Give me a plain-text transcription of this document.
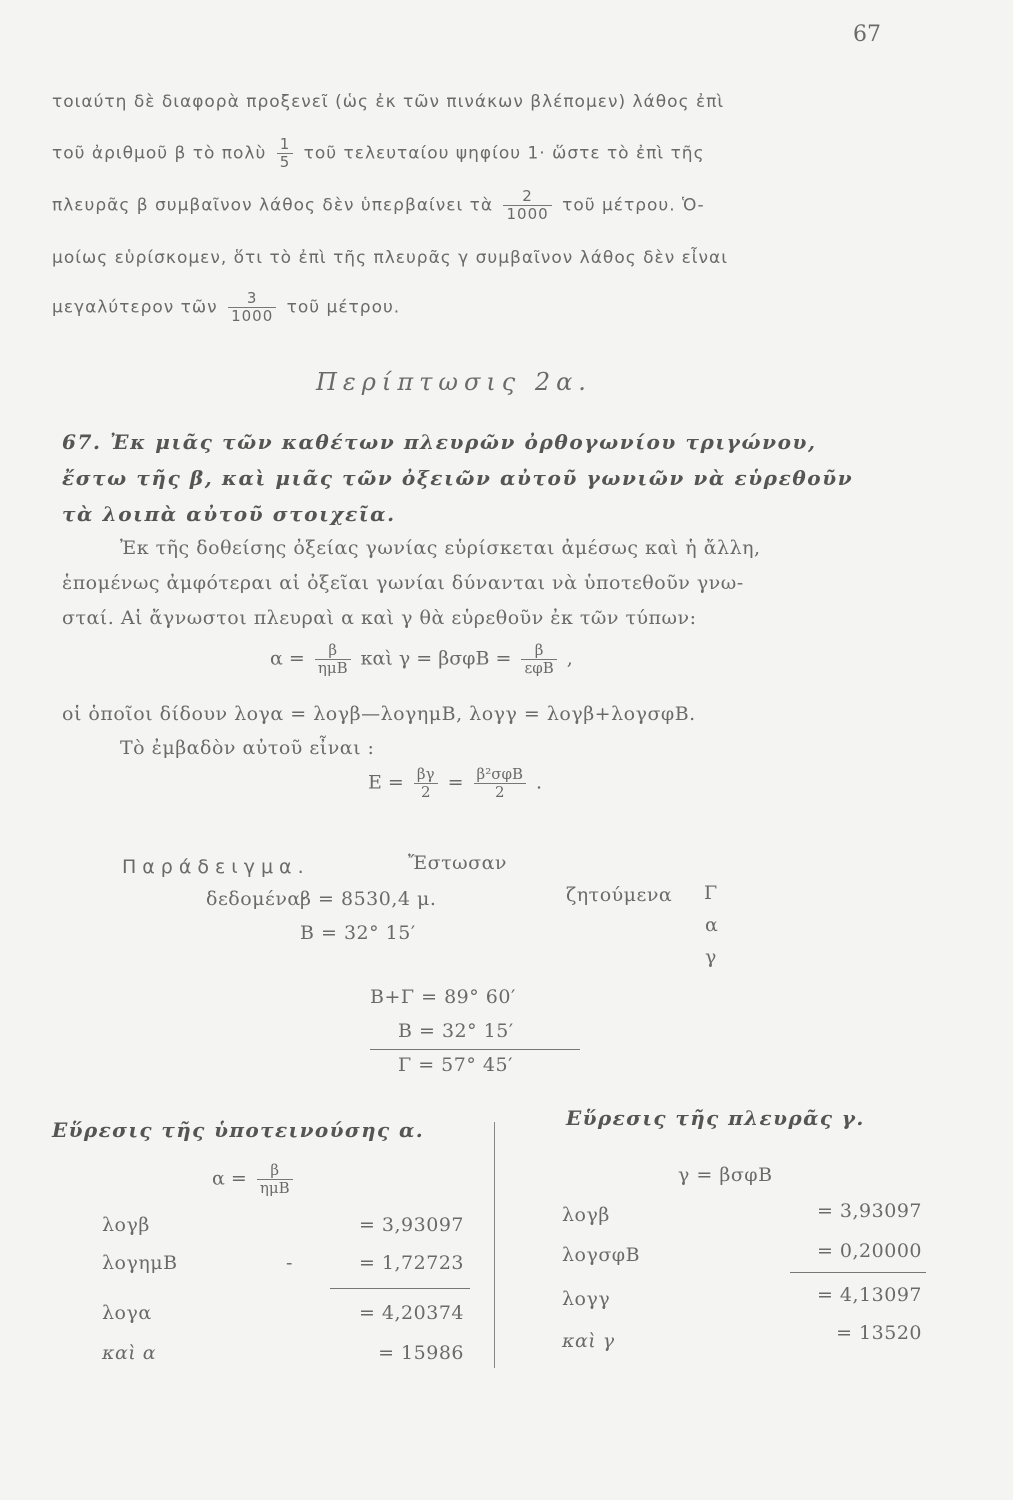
67
τοιαύτη δὲ διαφορὰ προξενεῖ (ὡς ἐκ τῶν πινάκων βλέπομεν) λάθος ἐπὶ
τοῦ ἀριθμοῦ β τὸ πολὺ $\frac{1}{5}$ τοῦ τελευταίου ψηφίου 1· ὥστε τὸ ἐπὶ τῆς
πλευρᾶς β συμβαῖνον λάθος δὲν ὑπερβαίνει τὰ $\frac{2}{1000}$ τοῦ μέτρου. Ὁ-
μοίως εὑρίσκομεν, ὅτι τὸ ἐπὶ τῆς πλευρᾶς γ συμβαῖνον λάθος δὲν εἶναι
μεγαλύτερον τῶν $\frac{3}{1000}$ τοῦ μέτρου.
Περίπτωσις 2α.
67. Ἐκ μιᾶς τῶν καθέτων πλευρῶν ὀρθογωνίου τριγώνου,
ἔστω τῆς β, καὶ μιᾶς τῶν ὀξειῶν αὐτοῦ γωνιῶν νὰ εὑρεθοῦν
τὰ λοιπὰ αὐτοῦ στοιχεῖα.
Ἐκ τῆς δοθείσης ὀξείας γωνίας εὑρίσκεται ἀμέσως καὶ ἡ ἄλλη,
ἑπομένως ἀμφότεραι αἱ ὀξεῖαι γωνίαι δύνανται νὰ ὑποτεθοῦν γνω-
σταί. Αἱ ἄγνωστοι πλευραὶ α καὶ γ θὰ εὑρεθοῦν ἐκ τῶν τύπων:
$\alpha = \frac{\beta}{\text{ημB}}$ καὶ $\gamma = \beta\sigma\varphi B = \frac{\beta}{\text{εφB}}$ ,
οἱ ὁποῖοι δίδουν λογα = λογβ—λογημB, λογγ = λογβ+λογσφB.
Τὸ ἐμβαδὸν αὐτοῦ εἶναι :
$E = \frac{\beta\gamma}{2} = \frac{\text{β²σφB}}{2}$ .
Παράδειγμα.	Ἔστωσαν
δεδομένα·
β = 8530,4 μ.
B = 32° 15′
ζητούμενα Γ
α
γ
B+Γ = 89° 60′
B = 32° 15′
Γ = 57° 45′
Εὕρεσις τῆς ὑποτεινούσης α.
$\alpha = \frac{\beta}{\text{ημB}}$
λογβ	= 3,93097
λογημB	-	= 1,72723
λογα	= 4,20374
καὶ α	= 15986
Εὕρεσις τῆς πλευρᾶς γ.
γ = βσφB
λογβ	= 3,93097
λογσφB	= 0,20000
λογγ	= 4,13097
καὶ γ	= 13520
